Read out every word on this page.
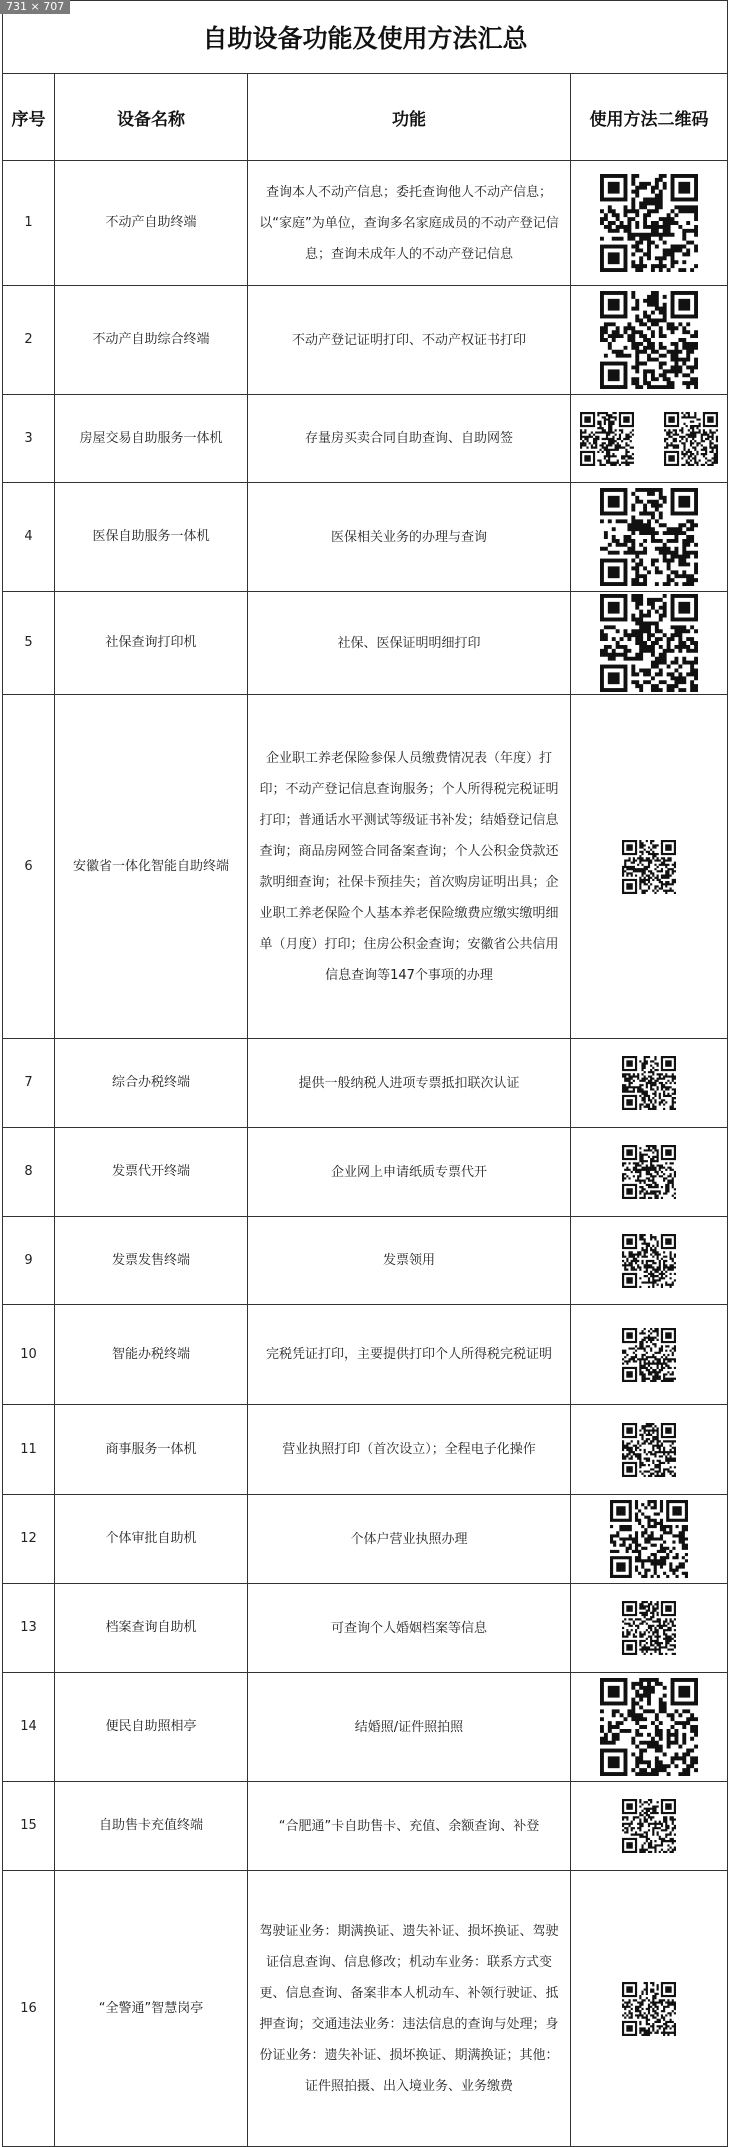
731 × 707
自助设备功能及使用方法汇总			
序号	设备名称	功能	使用方法二维码
1	不动产自助终端	查询本人不动产信息；委托查询他人不动产信息；以“家庭”为单位，查询多名家庭成员的不动产登记信息；查询未成年人的不动产登记信息	

2	不动产自助综合终端	不动产登记证明打印、不动产权证书打印	

3	房屋交易自助服务一体机	存量房买卖合同自助查询、自助网签	

4	医保自助服务一体机	医保相关业务的办理与查询	

5	社保查询打印机	社保、医保证明明细打印	

6	安徽省一体化智能自助终端	企业职工养老保险参保人员缴费情况表（年度）打印；不动产登记信息查询服务；个人所得税完税证明打印；普通话水平测试等级证书补发；结婚登记信息查询；商品房网签合同备案查询；个人公积金贷款还款明细查询；社保卡预挂失；首次购房证明出具；企业职工养老保险个人基本养老保险缴费应缴实缴明细单（月度）打印；住房公积金查询；安徽省公共信用信息查询等147个事项的办理	

7	综合办税终端	提供一般纳税人进项专票抵扣联次认证	

8	发票代开终端	企业网上申请纸质专票代开	

9	发票发售终端	发票领用	

10	智能办税终端	完税凭证打印，主要提供打印个人所得税完税证明	

11	商事服务一体机	营业执照打印（首次设立）；全程电子化操作	

12	个体审批自助机	个体户营业执照办理	

13	档案查询自助机	可查询个人婚姻档案等信息	

14	便民自助照相亭	结婚照/证件照拍照	

15	自助售卡充值终端	“合肥通”卡自助售卡、充值、余额查询、补登	

16	“全警通”智慧岗亭	驾驶证业务：期满换证、遗失补证、损坏换证、驾驶证信息查询、信息修改；机动车业务：联系方式变更、信息查询、备案非本人机动车、补领行驶证、抵押查询；交通违法业务：违法信息的查询与处理；身份证业务：遗失补证、损坏换证、期满换证；其他：证件照拍摄、出入境业务、业务缴费	
